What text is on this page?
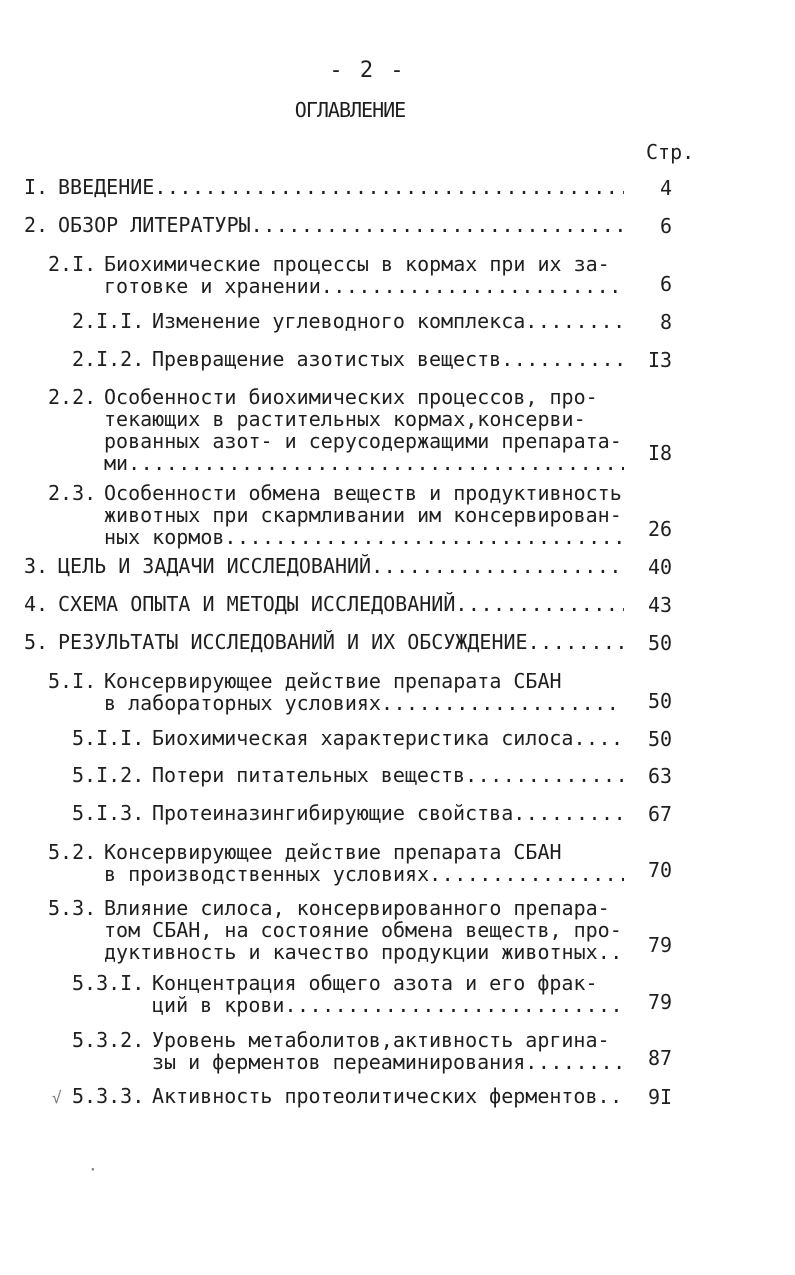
- 2 -
ОГЛАВЛЕНИЕ
Стр.
I. ВВЕДЕНИЕ .....	4
2. ОБЗОР ЛИТЕРАТУРЫ .....	6
2.I. Биохимические процессы в кормах при их за-
готовке и хранении .....	6
2.I.I. Изменение углеводного комплекса .....	8
2.I.2. Превращение азотистых веществ .....	I3
2.2. Особенности биохимических процессов, про-
текающих в растительных кормах,консерви-
рованных азот- и серусодержащими препарата-
ми .....	I8
2.3. Особенности обмена веществ и продуктивность
животных при скармливании им консервирован-
ных кормов .....	26
3. ЦЕЛЬ И ЗАДАЧИ ИССЛЕДОВАНИЙ .....	40
4. СХЕМА ОПЫТА И МЕТОДЫ ИССЛЕДОВАНИЙ .....	43
5. РЕЗУЛЬТАТЫ ИССЛЕДОВАНИЙ И ИХ ОБСУЖДЕНИЕ .....	50
5.I. Консервирующее действие препарата СБАН
в лабораторных условиях .....	50
5.I.I. Биохимическая характеристика силоса .....	50
5.I.2. Потери питательных веществ .....	63
5.I.3. Протеиназингибирующие свойства .....	67
5.2. Консервирующее действие препарата СБАН
в производственных условиях .....	70
5.3. Влияние силоса, консервированного препара-
том СБАН, на состояние обмена веществ, про-
дуктивность и качество продукции животных .....	79
5.3.I. Концентрация общего азота и его фрак-
ций в крови .....	79
5.3.2. Уровень метаболитов,активность аргина-
зы и ферментов переаминирования .....	87
5.3.3. Активность протеолитических ферментов .....	9I
√
·
